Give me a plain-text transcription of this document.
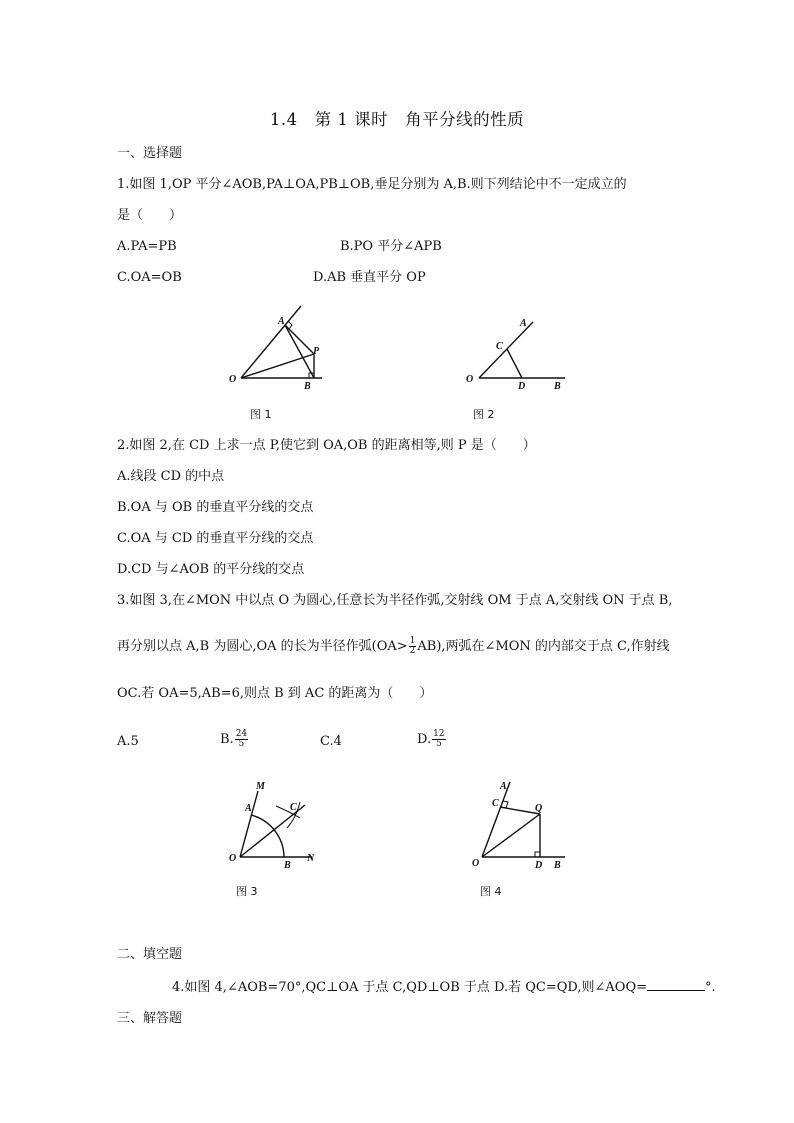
1.4　第 1 课时　角平分线的性质
一、选择题
1.如图 1,OP 平分∠AOB,PA⊥OA,PB⊥OB,垂足分别为 A,B.则下列结论中不一定成立的
是（　　）
A.PA=PB	B.PO 平分∠APB
C.OA=OB	D.AB 垂直平分 OP
2.如图 2,在 CD 上求一点 P,使它到 OA,OB 的距离相等,则 P 是（　　）
A.线段 CD 的中点
B.OA 与 OB 的垂直平分线的交点
C.OA 与 CD 的垂直平分线的交点
D.CD 与∠AOB 的平分线的交点
3.如图 3,在∠MON 中以点 O 为圆心,任意长为半径作弧,交射线 OM 于点 A,交射线 ON 于点 B,
再分别以点 A,B 为圆心,OA 的长为半径作弧$(OA> \frac{1}{2} AB)$,两弧在∠MON 的内部交于点 C,作射线
OC.若 OA=5,AB=6,则点 B 到 AC 的距离为（　　）
A.5	B. $\frac{24}{5}$	C.4	D. $\frac{12}{5}$
二、填空题
4.如图 4,∠AOB=70°,QC⊥OA 于点 C,QD⊥OB 于点 D.若 QC=QD,则∠AOQ=	°.
三、解答题
A
P
O
B
图 1
A
C
O
D	B
图 2
M
A	C
O
B
N
图 3
A
C	Q
O	D B
图 4
